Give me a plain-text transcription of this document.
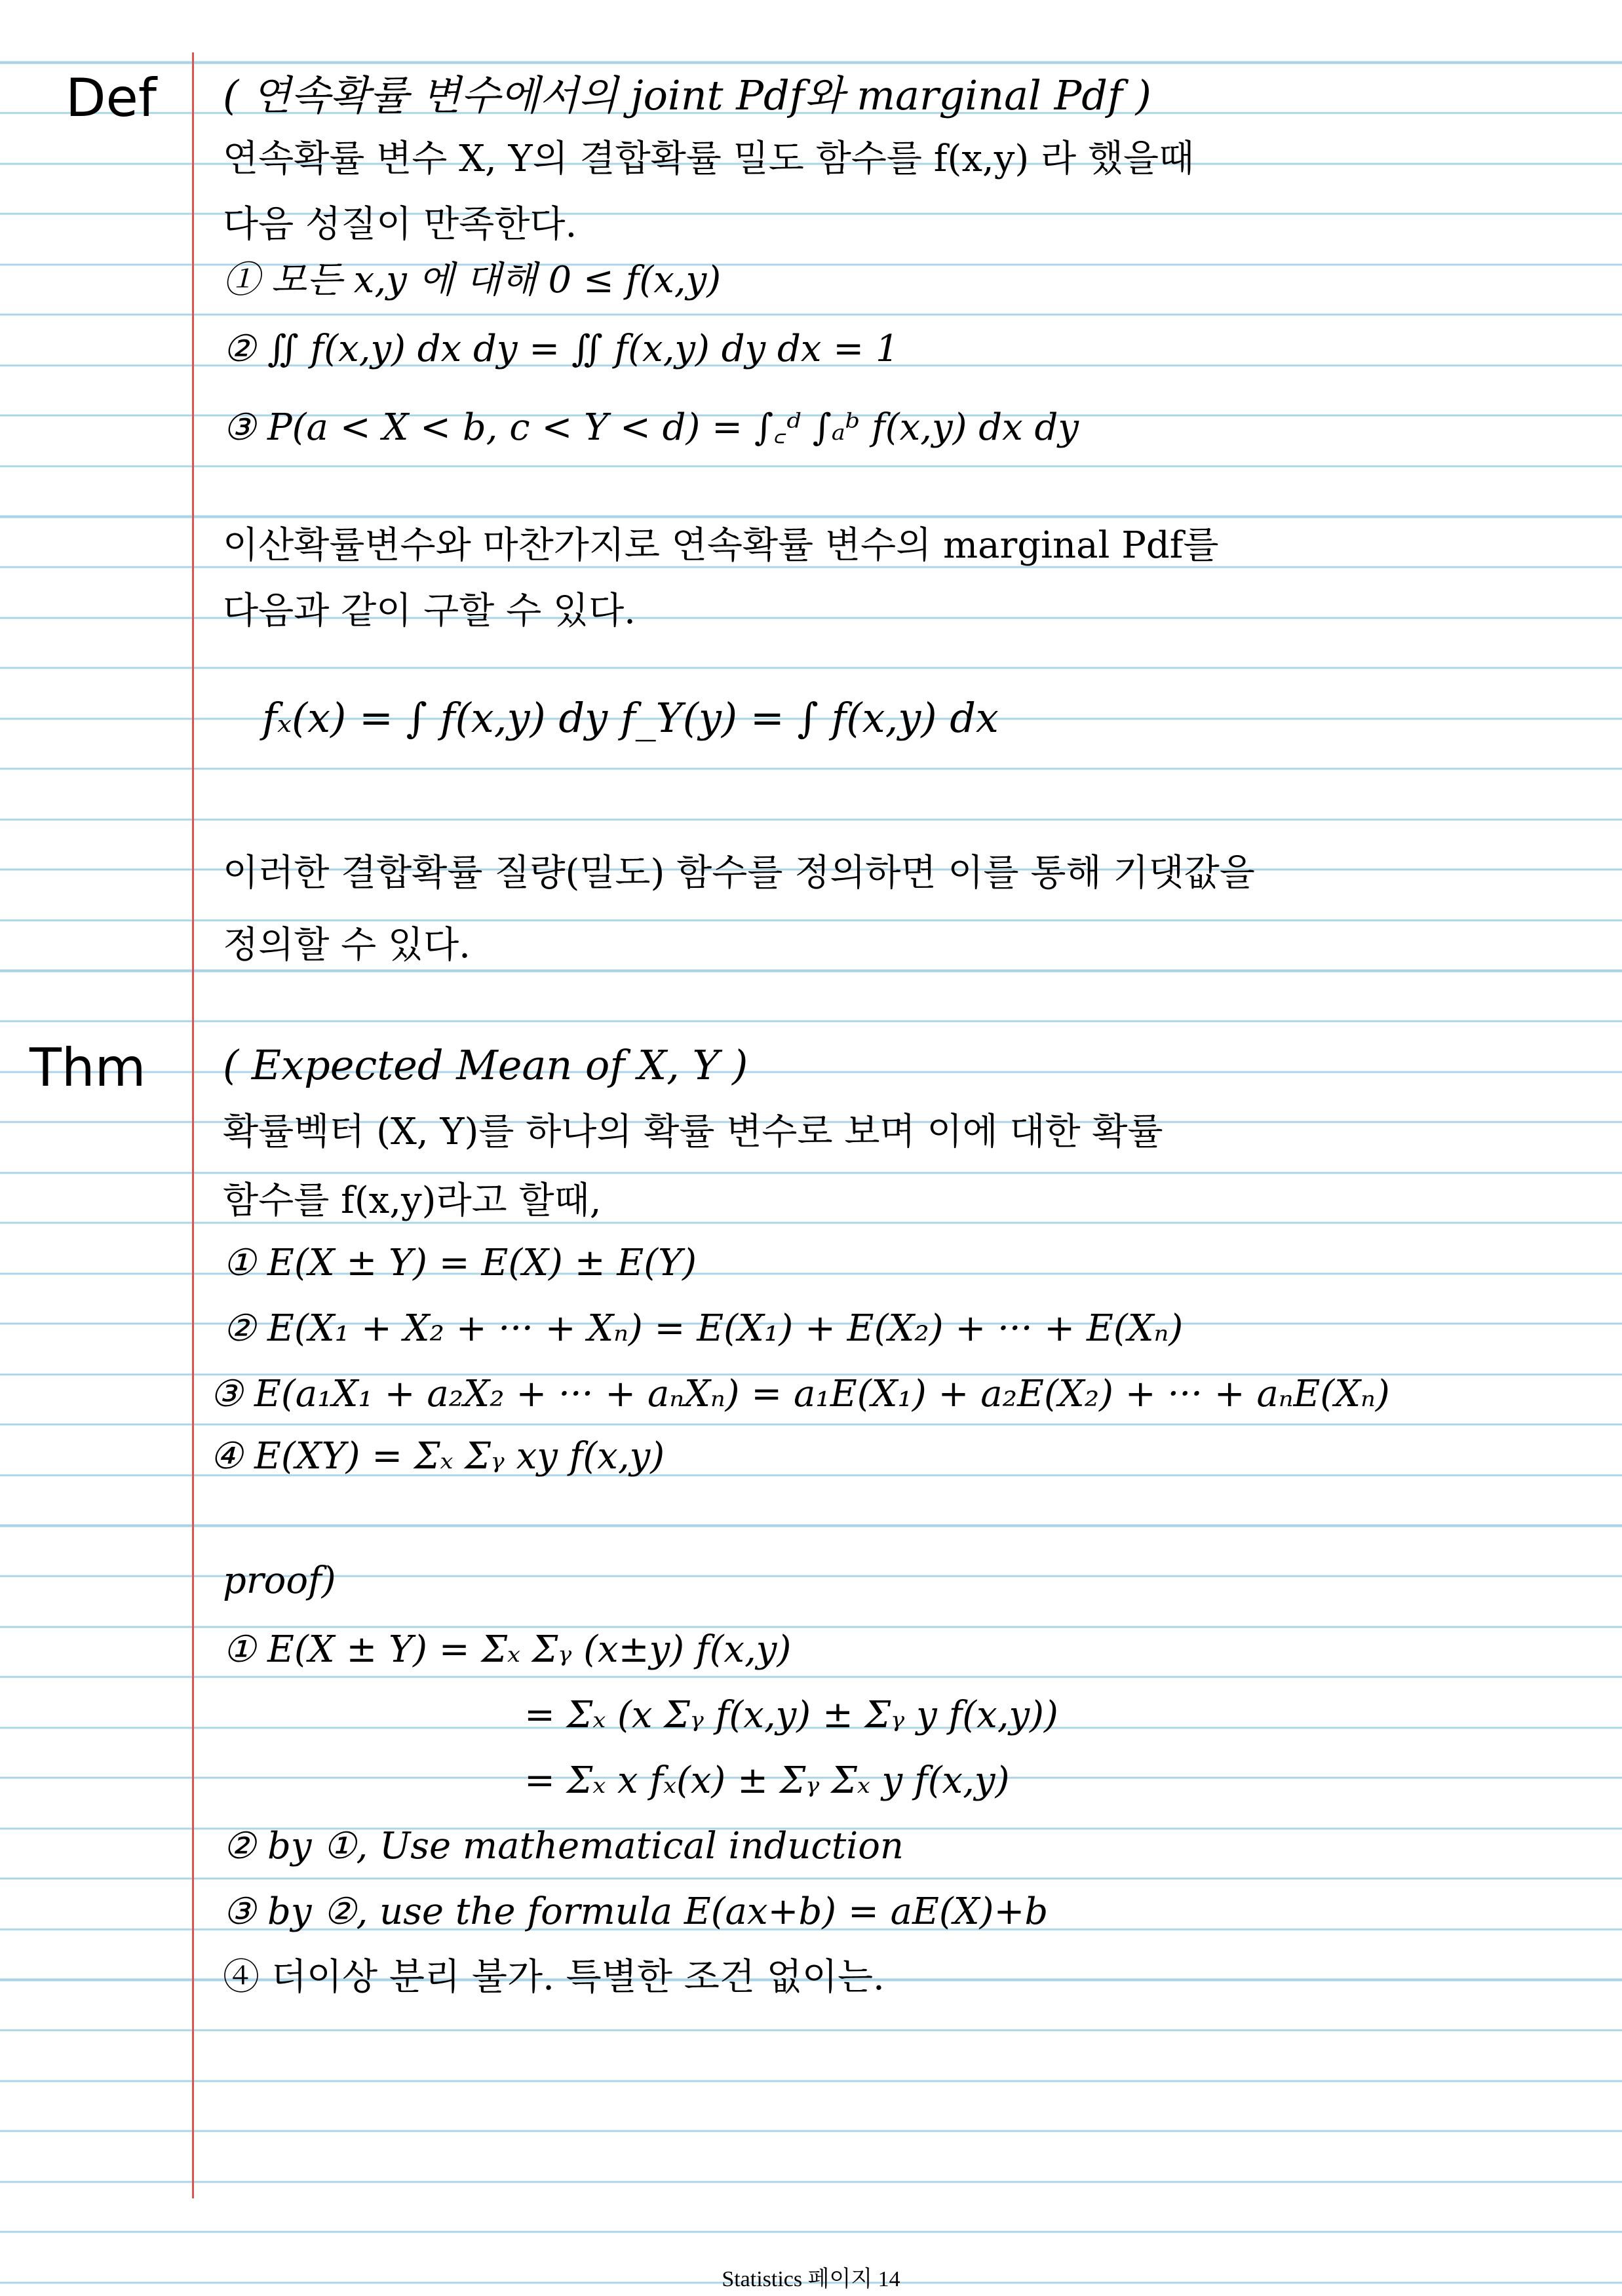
Def ( 연속확률 변수에서의 joint Pdf와 marginal Pdf )
연속확률 변수 X, Y의 결합확률 밀도 함수를 f(x,y) 라 했을때
다음 성질이 만족한다.
① 모든 x,y 에 대해 0 ≤ f(x,y)
② ∬ f(x,y) dx dy = ∬ f(x,y) dy dx = 1
③ P(a < X < b, c < Y < d) = ∫꜀ᵈ ∫ₐᵇ f(x,y) dx dy
이산확률변수와 마찬가지로 연속확률 변수의 marginal Pdf를
다음과 같이 구할 수 있다.
fₓ(x) = ∫ f(x,y) dy f_Y(y) = ∫ f(x,y) dx
이러한 결합확률 질량(밀도) 함수를 정의하면 이를 통해 기댓값을
정의할 수 있다.
Thm ( Expected Mean of X, Y )
확률벡터 (X, Y)를 하나의 확률 변수로 보며 이에 대한 확률
함수를 f(x,y)라고 할때,
① E(X ± Y) = E(X) ± E(Y)
② E(X₁ + X₂ + ··· + Xₙ) = E(X₁) + E(X₂) + ··· + E(Xₙ)
③ E(a₁X₁ + a₂X₂ + ··· + aₙXₙ) = a₁E(X₁) + a₂E(X₂) + ··· + aₙE(Xₙ)
④ E(XY) = Σₓ Σᵧ xy f(x,y)
proof)
① E(X ± Y) = Σₓ Σᵧ (x±y) f(x,y)
= Σₓ (x Σᵧ f(x,y) ± Σᵧ y f(x,y))
= Σₓ x fₓ(x) ± Σᵧ Σₓ y f(x,y)
② by ①, Use mathematical induction
③ by ②, use the formula E(ax+b) = aE(X)+b
④ 더이상 분리 불가. 특별한 조건 없이는.
Statistics 페이지 14
